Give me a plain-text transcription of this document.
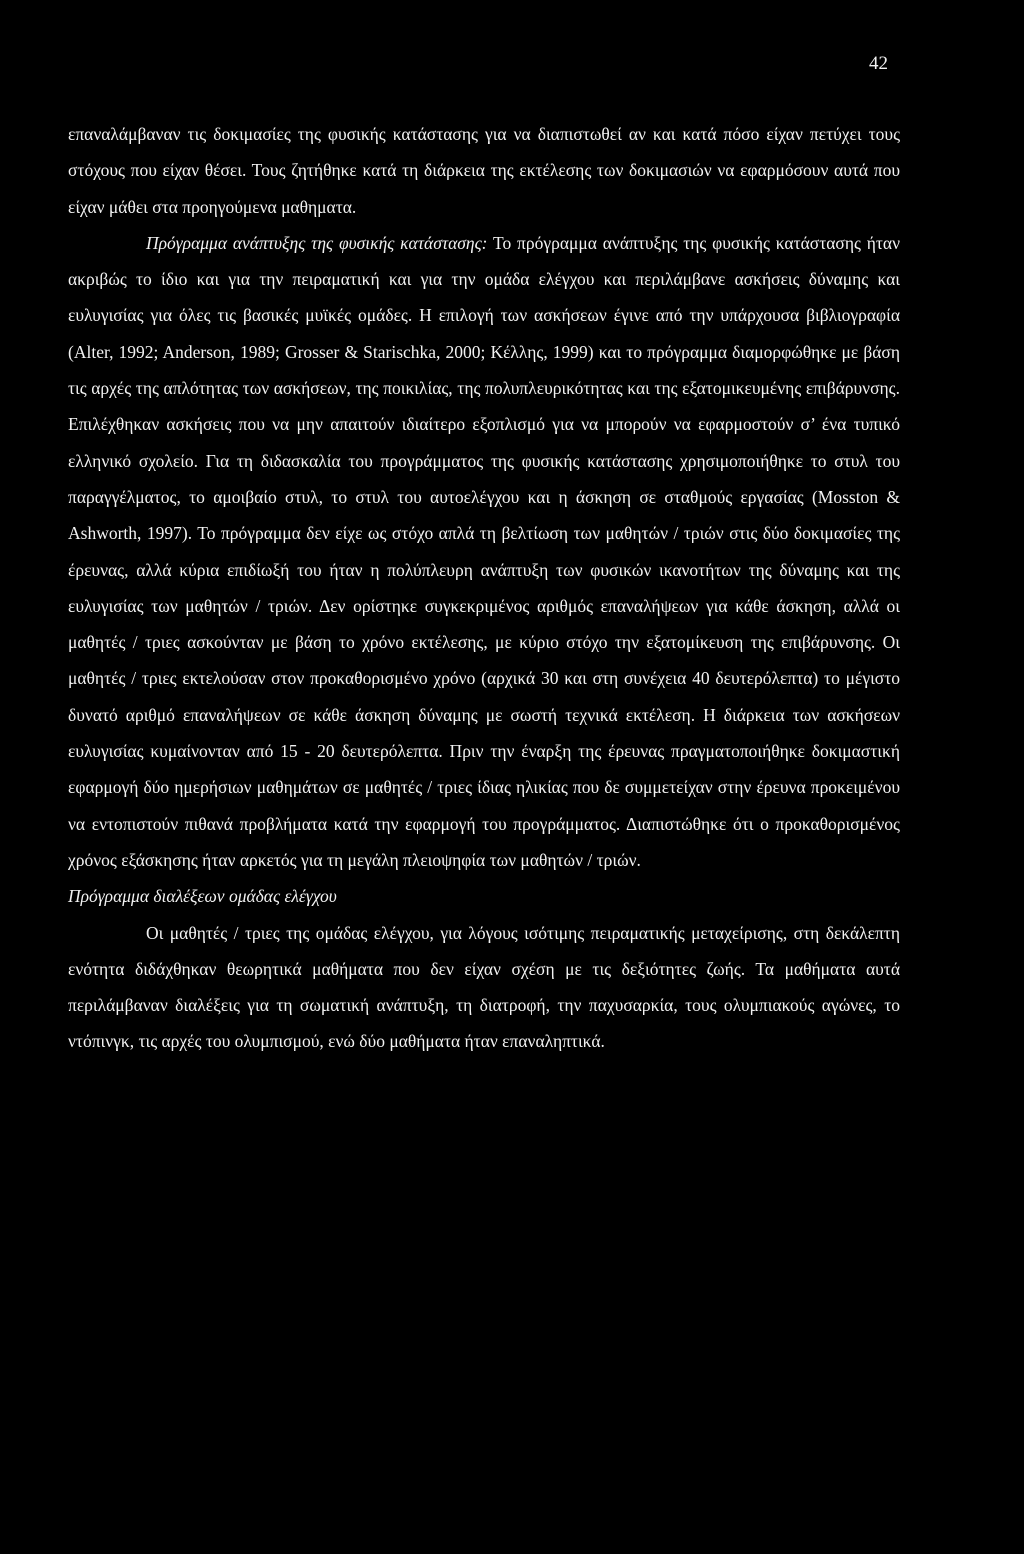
42

επαναλάμβαναν τις δοκιμασίες της φυσικής κατάστασης για να διαπιστωθεί αν και κατά πόσο είχαν πετύχει τους στόχους που είχαν θέσει. Τους ζητήθηκε κατά τη διάρκεια της εκτέλεσης των δοκιμασιών να εφαρμόσουν αυτά που είχαν μάθει στα προηγούμενα μαθηματα.

Πρόγραμμα ανάπτυξης της φυσικής κατάστασης: Το πρόγραμμα ανάπτυξης της φυσικής κατάστασης ήταν ακριβώς το ίδιο και για την πειραματική και για την ομάδα ελέγχου και περιλάμβανε ασκήσεις δύναμης και ευλυγισίας για όλες τις βασικές μυϊκές ομάδες. Η επιλογή των ασκήσεων έγινε από την υπάρχουσα βιβλιογραφία (Alter, 1992; Anderson, 1989; Grosser & Starischka, 2000; Κέλλης, 1999) και το πρόγραμμα διαμορφώθηκε με βάση τις αρχές της απλότητας των ασκήσεων, της ποικιλίας, της πολυπλευρικότητας και της εξατομικευμένης επιβάρυνσης. Επιλέχθηκαν ασκήσεις που να μην απαιτούν ιδιαίτερο εξοπλισμό για να μπορούν να εφαρμοστούν σ’ ένα τυπικό ελληνικό σχολείο. Για τη διδασκαλία του προγράμματος της φυσικής κατάστασης χρησιμοποιήθηκε το στυλ του παραγγέλματος, το αμοιβαίο στυλ, το στυλ του αυτοελέγχου και η άσκηση σε σταθμούς εργασίας (Mosston & Ashworth, 1997). Το πρόγραμμα δεν είχε ως στόχο απλά τη βελτίωση των μαθητών / τριών στις δύο δοκιμασίες της έρευνας, αλλά κύρια επιδίωξή του ήταν η πολύπλευρη ανάπτυξη των φυσικών ικανοτήτων της δύναμης και της ευλυγισίας των μαθητών / τριών. Δεν ορίστηκε συγκεκριμένος αριθμός επαναλήψεων για κάθε άσκηση, αλλά οι μαθητές / τριες ασκούνταν με βάση το χρόνο εκτέλεσης, με κύριο στόχο την εξατομίκευση της επιβάρυνσης. Οι μαθητές / τριες εκτελούσαν στον προκαθορισμένο χρόνο (αρχικά 30 και στη συνέχεια 40 δευτερόλεπτα) το μέγιστο δυνατό αριθμό επαναλήψεων σε κάθε άσκηση δύναμης με σωστή τεχνικά εκτέλεση. Η διάρκεια των ασκήσεων ευλυγισίας κυμαίνονταν από 15 - 20 δευτερόλεπτα. Πριν την έναρξη της έρευνας πραγματοποιήθηκε δοκιμαστική εφαρμογή δύο ημερήσιων μαθημάτων σε μαθητές / τριες ίδιας ηλικίας που δε συμμετείχαν στην έρευνα προκειμένου να εντοπιστούν πιθανά προβλήματα κατά την εφαρμογή του προγράμματος. Διαπιστώθηκε ότι ο προκαθορισμένος χρόνος εξάσκησης ήταν αρκετός για τη μεγάλη πλειοψηφία των μαθητών / τριών.

Πρόγραμμα διαλέξεων ομάδας ελέγχου

Οι μαθητές / τριες της ομάδας ελέγχου, για λόγους ισότιμης πειραματικής μεταχείρισης, στη δεκάλεπτη ενότητα διδάχθηκαν θεωρητικά μαθήματα που δεν είχαν σχέση με τις δεξιότητες ζωής. Τα μαθήματα αυτά περιλάμβαναν διαλέξεις για τη σωματική ανάπτυξη, τη διατροφή, την παχυσαρκία, τους ολυμπιακούς αγώνες, το ντόπινγκ, τις αρχές του ολυμπισμού, ενώ δύο μαθήματα ήταν επαναληπτικά.
